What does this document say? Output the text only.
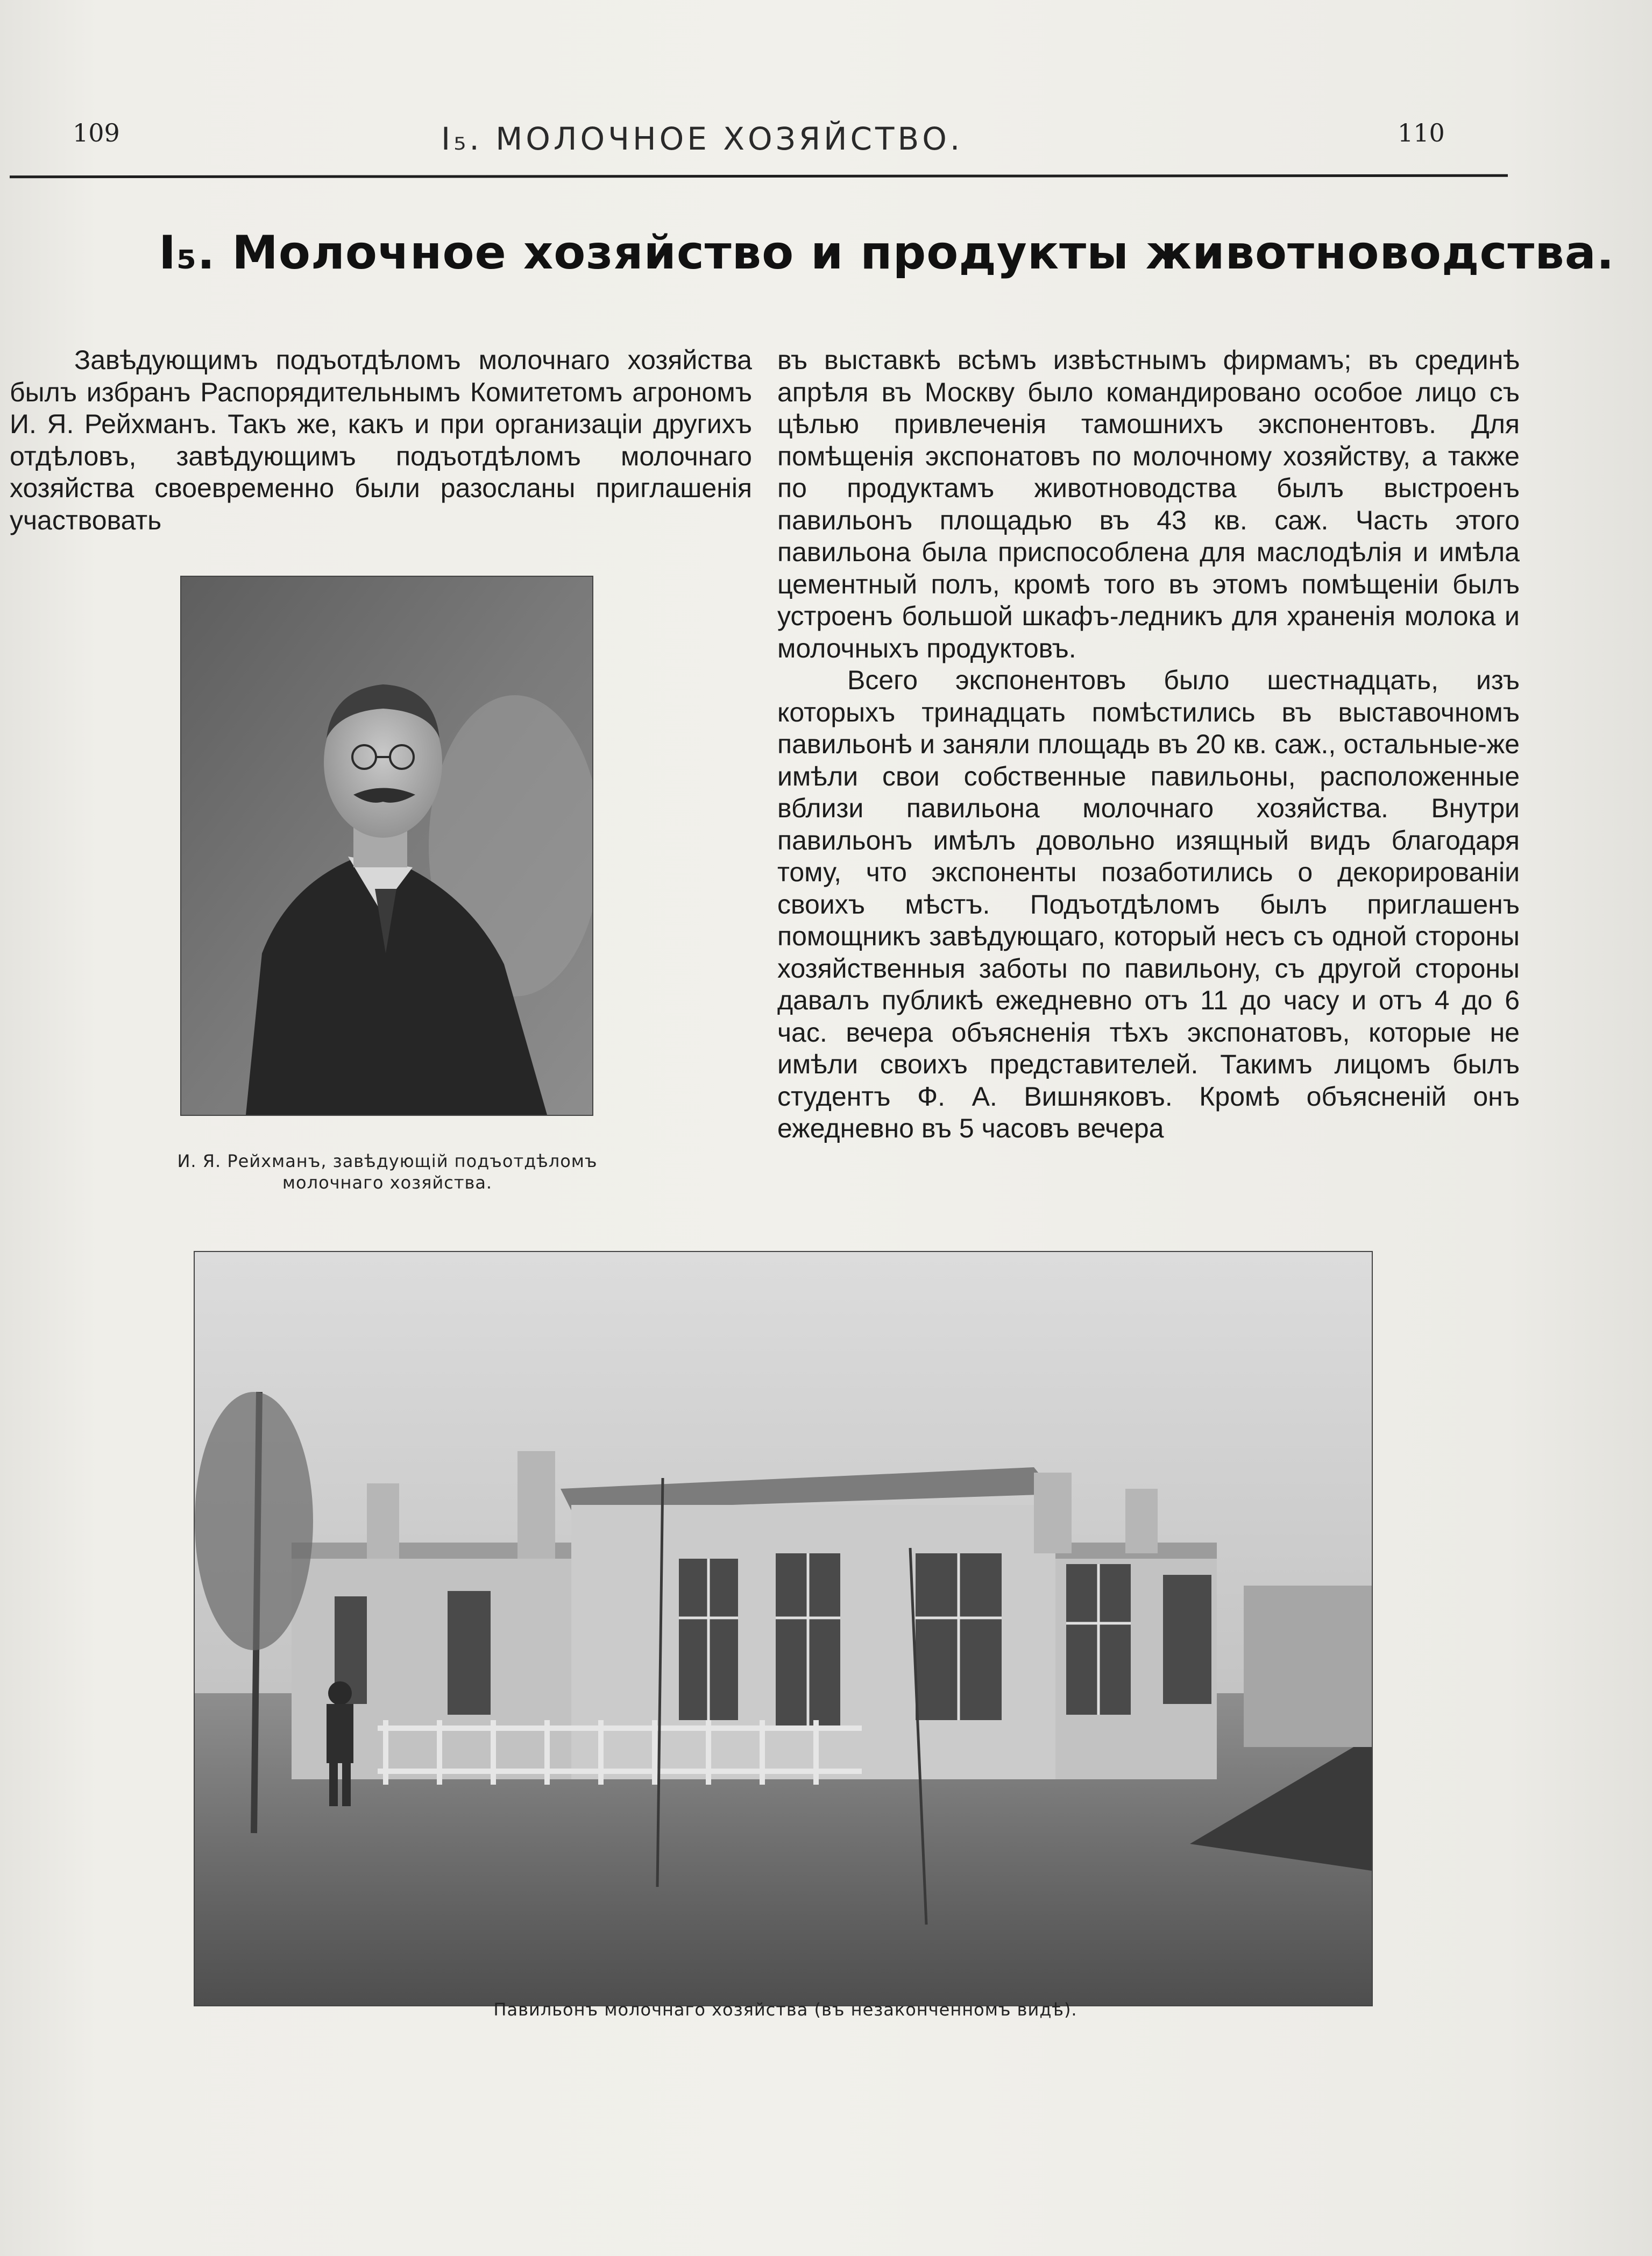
109	I₅. МОЛОЧНОЕ ХОЗЯЙСТВО.	110
I₅. Молочное хозяйство и продукты животноводства.

Завѣдующимъ подъотдѣломъ молочнаго хозяйства былъ избранъ Распорядительнымъ Комитетомъ агрономъ И. Я. Рейхманъ. Такъ же, какъ и при организаціи другихъ отдѣловъ, завѣдующимъ подъотдѣломъ молочнаго хозяйства своевременно были разосланы приглашенія участвовать

въ выставкѣ всѣмъ извѣстнымъ фирмамъ; въ срединѣ апрѣля въ Москву было командировано особое лицо съ цѣлью привлеченія тамошнихъ экспонентовъ. Для помѣщенія экспонатовъ по молочному хозяйству, а также по продуктамъ животноводства былъ выстроенъ павильонъ площадью въ 43 кв. саж. Часть этого павильона была приспособлена для маслодѣлія и имѣла цементный полъ, кромѣ того въ этомъ помѣщеніи былъ устроенъ большой шкафъ-ледникъ для храненія молока и молочныхъ продуктовъ.

Всего экспонентовъ было шестнадцать, изъ которыхъ тринадцать помѣстились въ выставочномъ павильонѣ и заняли площадь въ 20 кв. саж., остальные-же имѣли свои собственные павильоны, расположенные вблизи павильона молочнаго хозяйства. Внутри павильонъ имѣлъ довольно изящный видъ благодаря тому, что экспоненты позаботились о декорированіи своихъ мѣстъ. Подъотдѣломъ былъ приглашенъ помощникъ завѣдующаго, который несъ съ одной стороны хозяйственныя заботы по павильону, съ другой стороны давалъ публикѣ ежедневно отъ 11 до часу и отъ 4 до 6 час. вечера объясненія тѣхъ экспонатовъ, которые не имѣли своихъ представителей. Такимъ лицомъ былъ студентъ Ф. А. Вишняковъ. Кромѣ объясненій онъ ежедневно въ 5 часовъ вечера

И. Я. Рейхманъ, завѣдующій подъотдѣломъ
молочнаго хозяйства.
Павильонъ молочнаго хозяйства (въ незаконченномъ видѣ).
